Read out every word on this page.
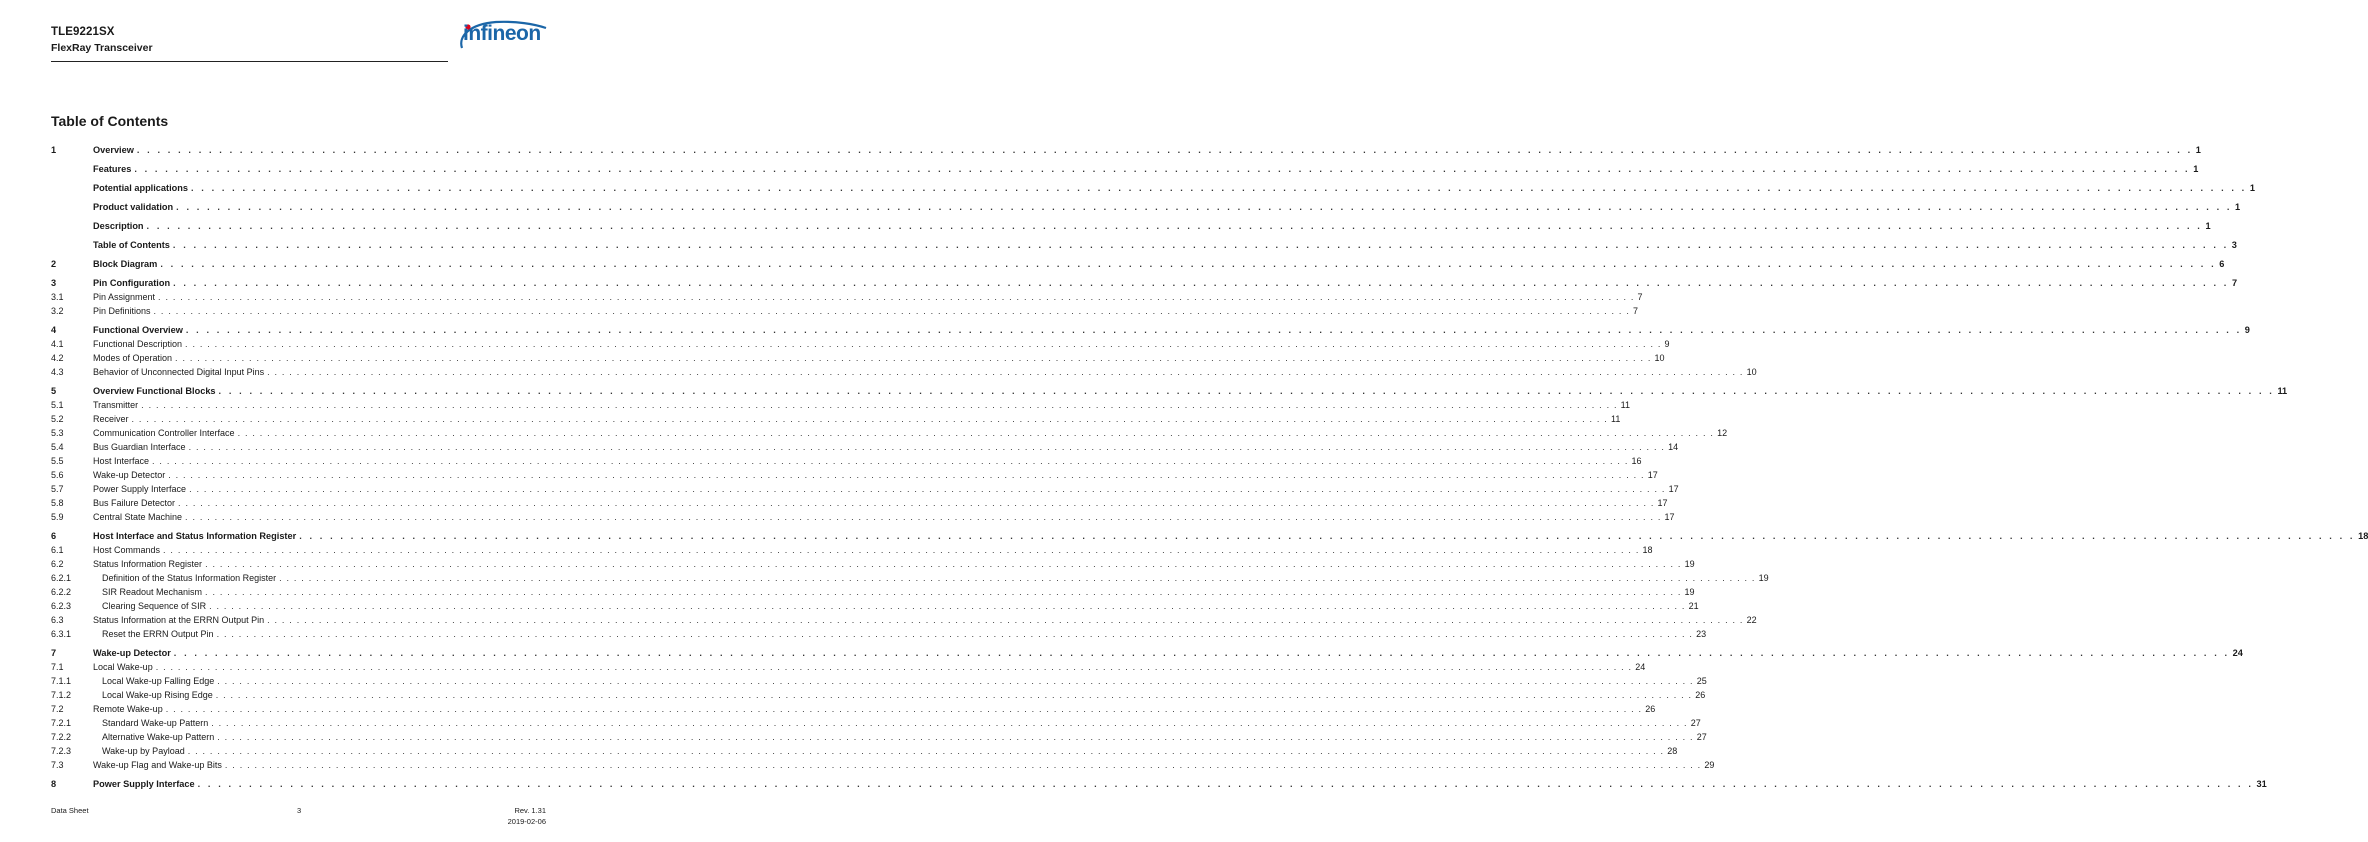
TLE9221SX
FlexRay Transceiver
infineon
Table of Contents
1	Overview . . . . . . . . . . . . . . . . . . . . . . . . . . . . . . . . . . . . . . . . . . . . . . . . . . . . . . . . . . . . . . . . . . . . . . . . . . . . . . . . . . . . . . . . . . . . . . . . . . . . . . . . . . . . . . . . . . . . . . . . . . . . . . . . . . . . . . . . . . . . . . . . . . . . . . . . . . . . . . . . . . . . . . . . . . . . . . . . . . . . . . . . . . . . . . . . . . . . . . . . 1
Features . . . . . . . . . . . . . . . . . . . . . . . . . . . . . . . . . . . . . . . . . . . . . . . . . . . . . . . . . . . . . . . . . . . . . . . . . . . . . . . . . . . . . . . . . . . . . . . . . . . . . . . . . . . . . . . . . . . . . . . . . . . . . . . . . . . . . . . . . . . . . . . . . . . . . . . . . . . . . . . . . . . . . . . . . . . . . . . . . . . . . . . . . . . . . . . . . . . . . . . . 1
Potential applications . . . . . . . . . . . . . . . . . . . . . . . . . . . . . . . . . . . . . . . . . . . . . . . . . . . . . . . . . . . . . . . . . . . . . . . . . . . . . . . . . . . . . . . . . . . . . . . . . . . . . . . . . . . . . . . . . . . . . . . . . . . . . . . . . . . . . . . . . . . . . . . . . . . . . . . . . . . . . . . . . . . . . . . . . . . . . . . . . . . . . . . . . . . . . . . . . . . . . . . . 1
Product validation . . . . . . . . . . . . . . . . . . . . . . . . . . . . . . . . . . . . . . . . . . . . . . . . . . . . . . . . . . . . . . . . . . . . . . . . . . . . . . . . . . . . . . . . . . . . . . . . . . . . . . . . . . . . . . . . . . . . . . . . . . . . . . . . . . . . . . . . . . . . . . . . . . . . . . . . . . . . . . . . . . . . . . . . . . . . . . . . . . . . . . . . . . . . . . . . . . . . . . . . 1
Description . . . . . . . . . . . . . . . . . . . . . . . . . . . . . . . . . . . . . . . . . . . . . . . . . . . . . . . . . . . . . . . . . . . . . . . . . . . . . . . . . . . . . . . . . . . . . . . . . . . . . . . . . . . . . . . . . . . . . . . . . . . . . . . . . . . . . . . . . . . . . . . . . . . . . . . . . . . . . . . . . . . . . . . . . . . . . . . . . . . . . . . . . . . . . . . . . . . . . . . . 1
Table of Contents . . . . . . . . . . . . . . . . . . . . . . . . . . . . . . . . . . . . . . . . . . . . . . . . . . . . . . . . . . . . . . . . . . . . . . . . . . . . . . . . . . . . . . . . . . . . . . . . . . . . . . . . . . . . . . . . . . . . . . . . . . . . . . . . . . . . . . . . . . . . . . . . . . . . . . . . . . . . . . . . . . . . . . . . . . . . . . . . . . . . . . . . . . . . . . . . . . . . . . . . 3
2	Block Diagram . . . . . . . . . . . . . . . . . . . . . . . . . . . . . . . . . . . . . . . . . . . . . . . . . . . . . . . . . . . . . . . . . . . . . . . . . . . . . . . . . . . . . . . . . . . . . . . . . . . . . . . . . . . . . . . . . . . . . . . . . . . . . . . . . . . . . . . . . . . . . . . . . . . . . . . . . . . . . . . . . . . . . . . . . . . . . . . . . . . . . . . . . . . . . . . . . . . . . . . . 6
3	Pin Configuration . . . . . . . . . . . . . . . . . . . . . . . . . . . . . . . . . . . . . . . . . . . . . . . . . . . . . . . . . . . . . . . . . . . . . . . . . . . . . . . . . . . . . . . . . . . . . . . . . . . . . . . . . . . . . . . . . . . . . . . . . . . . . . . . . . . . . . . . . . . . . . . . . . . . . . . . . . . . . . . . . . . . . . . . . . . . . . . . . . . . . . . . . . . . . . . . . . . . . . . . 7
3.1	Pin Assignment . . . . . . . . . . . . . . . . . . . . . . . . . . . . . . . . . . . . . . . . . . . . . . . . . . . . . . . . . . . . . . . . . . . . . . . . . . . . . . . . . . . . . . . . . . . . . . . . . . . . . . . . . . . . . . . . . . . . . . . . . . . . . . . . . . . . . . . . . . . . . . . . . . . . . . . . . . . . . . . . . . . . . . . . . . . . . . . . . . . . . . . . . . . . . . . . . . . . . . . . 7
3.2	Pin Definitions . . . . . . . . . . . . . . . . . . . . . . . . . . . . . . . . . . . . . . . . . . . . . . . . . . . . . . . . . . . . . . . . . . . . . . . . . . . . . . . . . . . . . . . . . . . . . . . . . . . . . . . . . . . . . . . . . . . . . . . . . . . . . . . . . . . . . . . . . . . . . . . . . . . . . . . . . . . . . . . . . . . . . . . . . . . . . . . . . . . . . . . . . . . . . . . . . . . . . . . . 7
4	Functional Overview . . . . . . . . . . . . . . . . . . . . . . . . . . . . . . . . . . . . . . . . . . . . . . . . . . . . . . . . . . . . . . . . . . . . . . . . . . . . . . . . . . . . . . . . . . . . . . . . . . . . . . . . . . . . . . . . . . . . . . . . . . . . . . . . . . . . . . . . . . . . . . . . . . . . . . . . . . . . . . . . . . . . . . . . . . . . . . . . . . . . . . . . . . . . . . . . . . . . . . . . 9
4.1	Functional Description . . . . . . . . . . . . . . . . . . . . . . . . . . . . . . . . . . . . . . . . . . . . . . . . . . . . . . . . . . . . . . . . . . . . . . . . . . . . . . . . . . . . . . . . . . . . . . . . . . . . . . . . . . . . . . . . . . . . . . . . . . . . . . . . . . . . . . . . . . . . . . . . . . . . . . . . . . . . . . . . . . . . . . . . . . . . . . . . . . . . . . . . . . . . . . . . . . . . . . . . 9
4.2	Modes of Operation . . . . . . . . . . . . . . . . . . . . . . . . . . . . . . . . . . . . . . . . . . . . . . . . . . . . . . . . . . . . . . . . . . . . . . . . . . . . . . . . . . . . . . . . . . . . . . . . . . . . . . . . . . . . . . . . . . . . . . . . . . . . . . . . . . . . . . . . . . . . . . . . . . . . . . . . . . . . . . . . . . . . . . . . . . . . . . . . . . . . . . . . . . . . . . . . . . . . . . . . 10
4.3	Behavior of Unconnected Digital Input Pins . . . . . . . . . . . . . . . . . . . . . . . . . . . . . . . . . . . . . . . . . . . . . . . . . . . . . . . . . . . . . . . . . . . . . . . . . . . . . . . . . . . . . . . . . . . . . . . . . . . . . . . . . . . . . . . . . . . . . . . . . . . . . . . . . . . . . . . . . . . . . . . . . . . . . . . . . . . . . . . . . . . . . . . . . . . . . . . . . . . . . . . . . . . . . . . . . . . . . . . . 10
5	Overview Functional Blocks . . . . . . . . . . . . . . . . . . . . . . . . . . . . . . . . . . . . . . . . . . . . . . . . . . . . . . . . . . . . . . . . . . . . . . . . . . . . . . . . . . . . . . . . . . . . . . . . . . . . . . . . . . . . . . . . . . . . . . . . . . . . . . . . . . . . . . . . . . . . . . . . . . . . . . . . . . . . . . . . . . . . . . . . . . . . . . . . . . . . . . . . . . . . . . . . . . . . . . . . 11
5.1	Transmitter . . . . . . . . . . . . . . . . . . . . . . . . . . . . . . . . . . . . . . . . . . . . . . . . . . . . . . . . . . . . . . . . . . . . . . . . . . . . . . . . . . . . . . . . . . . . . . . . . . . . . . . . . . . . . . . . . . . . . . . . . . . . . . . . . . . . . . . . . . . . . . . . . . . . . . . . . . . . . . . . . . . . . . . . . . . . . . . . . . . . . . . . . . . . . . . . . . . . . . . . 11
5.2	Receiver . . . . . . . . . . . . . . . . . . . . . . . . . . . . . . . . . . . . . . . . . . . . . . . . . . . . . . . . . . . . . . . . . . . . . . . . . . . . . . . . . . . . . . . . . . . . . . . . . . . . . . . . . . . . . . . . . . . . . . . . . . . . . . . . . . . . . . . . . . . . . . . . . . . . . . . . . . . . . . . . . . . . . . . . . . . . . . . . . . . . . . . . . . . . . . . . . . . . . . . . 11
5.3	Communication Controller Interface . . . . . . . . . . . . . . . . . . . . . . . . . . . . . . . . . . . . . . . . . . . . . . . . . . . . . . . . . . . . . . . . . . . . . . . . . . . . . . . . . . . . . . . . . . . . . . . . . . . . . . . . . . . . . . . . . . . . . . . . . . . . . . . . . . . . . . . . . . . . . . . . . . . . . . . . . . . . . . . . . . . . . . . . . . . . . . . . . . . . . . . . . . . . . . . . . . . . . . . . 12
5.4	Bus Guardian Interface . . . . . . . . . . . . . . . . . . . . . . . . . . . . . . . . . . . . . . . . . . . . . . . . . . . . . . . . . . . . . . . . . . . . . . . . . . . . . . . . . . . . . . . . . . . . . . . . . . . . . . . . . . . . . . . . . . . . . . . . . . . . . . . . . . . . . . . . . . . . . . . . . . . . . . . . . . . . . . . . . . . . . . . . . . . . . . . . . . . . . . . . . . . . . . . . . . . . . . . . 14
5.5	Host Interface . . . . . . . . . . . . . . . . . . . . . . . . . . . . . . . . . . . . . . . . . . . . . . . . . . . . . . . . . . . . . . . . . . . . . . . . . . . . . . . . . . . . . . . . . . . . . . . . . . . . . . . . . . . . . . . . . . . . . . . . . . . . . . . . . . . . . . . . . . . . . . . . . . . . . . . . . . . . . . . . . . . . . . . . . . . . . . . . . . . . . . . . . . . . . . . . . . . . . . . . 16
5.6	Wake-up Detector . . . . . . . . . . . . . . . . . . . . . . . . . . . . . . . . . . . . . . . . . . . . . . . . . . . . . . . . . . . . . . . . . . . . . . . . . . . . . . . . . . . . . . . . . . . . . . . . . . . . . . . . . . . . . . . . . . . . . . . . . . . . . . . . . . . . . . . . . . . . . . . . . . . . . . . . . . . . . . . . . . . . . . . . . . . . . . . . . . . . . . . . . . . . . . . . . . . . . . . . 17
5.7	Power Supply Interface . . . . . . . . . . . . . . . . . . . . . . . . . . . . . . . . . . . . . . . . . . . . . . . . . . . . . . . . . . . . . . . . . . . . . . . . . . . . . . . . . . . . . . . . . . . . . . . . . . . . . . . . . . . . . . . . . . . . . . . . . . . . . . . . . . . . . . . . . . . . . . . . . . . . . . . . . . . . . . . . . . . . . . . . . . . . . . . . . . . . . . . . . . . . . . . . . . . . . . . . 17
5.8	Bus Failure Detector . . . . . . . . . . . . . . . . . . . . . . . . . . . . . . . . . . . . . . . . . . . . . . . . . . . . . . . . . . . . . . . . . . . . . . . . . . . . . . . . . . . . . . . . . . . . . . . . . . . . . . . . . . . . . . . . . . . . . . . . . . . . . . . . . . . . . . . . . . . . . . . . . . . . . . . . . . . . . . . . . . . . . . . . . . . . . . . . . . . . . . . . . . . . . . . . . . . . . . . . 17
5.9	Central State Machine . . . . . . . . . . . . . . . . . . . . . . . . . . . . . . . . . . . . . . . . . . . . . . . . . . . . . . . . . . . . . . . . . . . . . . . . . . . . . . . . . . . . . . . . . . . . . . . . . . . . . . . . . . . . . . . . . . . . . . . . . . . . . . . . . . . . . . . . . . . . . . . . . . . . . . . . . . . . . . . . . . . . . . . . . . . . . . . . . . . . . . . . . . . . . . . . . . . . . . . . 17
6	Host Interface and Status Information Register . . . . . . . . . . . . . . . . . . . . . . . . . . . . . . . . . . . . . . . . . . . . . . . . . . . . . . . . . . . . . . . . . . . . . . . . . . . . . . . . . . . . . . . . . . . . . . . . . . . . . . . . . . . . . . . . . . . . . . . . . . . . . . . . . . . . . . . . . . . . . . . . . . . . . . . . . . . . . . . . . . . . . . . . . . . . . . . . . . . . . . . . . . . . . . . . . . . . . . . . 18
6.1	Host Commands . . . . . . . . . . . . . . . . . . . . . . . . . . . . . . . . . . . . . . . . . . . . . . . . . . . . . . . . . . . . . . . . . . . . . . . . . . . . . . . . . . . . . . . . . . . . . . . . . . . . . . . . . . . . . . . . . . . . . . . . . . . . . . . . . . . . . . . . . . . . . . . . . . . . . . . . . . . . . . . . . . . . . . . . . . . . . . . . . . . . . . . . . . . . . . . . . . . . . . . . 18
6.2	Status Information Register . . . . . . . . . . . . . . . . . . . . . . . . . . . . . . . . . . . . . . . . . . . . . . . . . . . . . . . . . . . . . . . . . . . . . . . . . . . . . . . . . . . . . . . . . . . . . . . . . . . . . . . . . . . . . . . . . . . . . . . . . . . . . . . . . . . . . . . . . . . . . . . . . . . . . . . . . . . . . . . . . . . . . . . . . . . . . . . . . . . . . . . . . . . . . . . . . . . . . . . . 19
6.2.1	Definition of the Status Information Register . . . . . . . . . . . . . . . . . . . . . . . . . . . . . . . . . . . . . . . . . . . . . . . . . . . . . . . . . . . . . . . . . . . . . . . . . . . . . . . . . . . . . . . . . . . . . . . . . . . . . . . . . . . . . . . . . . . . . . . . . . . . . . . . . . . . . . . . . . . . . . . . . . . . . . . . . . . . . . . . . . . . . . . . . . . . . . . . . . . . . . . . . . . . . . . . . . . . . . . . 19
6.2.2	SIR Readout Mechanism . . . . . . . . . . . . . . . . . . . . . . . . . . . . . . . . . . . . . . . . . . . . . . . . . . . . . . . . . . . . . . . . . . . . . . . . . . . . . . . . . . . . . . . . . . . . . . . . . . . . . . . . . . . . . . . . . . . . . . . . . . . . . . . . . . . . . . . . . . . . . . . . . . . . . . . . . . . . . . . . . . . . . . . . . . . . . . . . . . . . . . . . . . . . . . . . . . . . . . . . 19
6.2.3	Clearing Sequence of SIR . . . . . . . . . . . . . . . . . . . . . . . . . . . . . . . . . . . . . . . . . . . . . . . . . . . . . . . . . . . . . . . . . . . . . . . . . . . . . . . . . . . . . . . . . . . . . . . . . . . . . . . . . . . . . . . . . . . . . . . . . . . . . . . . . . . . . . . . . . . . . . . . . . . . . . . . . . . . . . . . . . . . . . . . . . . . . . . . . . . . . . . . . . . . . . . . . . . . . . . . 21
6.3	Status Information at the ERRN Output Pin . . . . . . . . . . . . . . . . . . . . . . . . . . . . . . . . . . . . . . . . . . . . . . . . . . . . . . . . . . . . . . . . . . . . . . . . . . . . . . . . . . . . . . . . . . . . . . . . . . . . . . . . . . . . . . . . . . . . . . . . . . . . . . . . . . . . . . . . . . . . . . . . . . . . . . . . . . . . . . . . . . . . . . . . . . . . . . . . . . . . . . . . . . . . . . . . . . . . . . . . 22
6.3.1	Reset the ERRN Output Pin . . . . . . . . . . . . . . . . . . . . . . . . . . . . . . . . . . . . . . . . . . . . . . . . . . . . . . . . . . . . . . . . . . . . . . . . . . . . . . . . . . . . . . . . . . . . . . . . . . . . . . . . . . . . . . . . . . . . . . . . . . . . . . . . . . . . . . . . . . . . . . . . . . . . . . . . . . . . . . . . . . . . . . . . . . . . . . . . . . . . . . . . . . . . . . . . . . . . . . . . 23
7	Wake-up Detector . . . . . . . . . . . . . . . . . . . . . . . . . . . . . . . . . . . . . . . . . . . . . . . . . . . . . . . . . . . . . . . . . . . . . . . . . . . . . . . . . . . . . . . . . . . . . . . . . . . . . . . . . . . . . . . . . . . . . . . . . . . . . . . . . . . . . . . . . . . . . . . . . . . . . . . . . . . . . . . . . . . . . . . . . . . . . . . . . . . . . . . . . . . . . . . . . . . . . . . . 24
7.1	Local Wake-up . . . . . . . . . . . . . . . . . . . . . . . . . . . . . . . . . . . . . . . . . . . . . . . . . . . . . . . . . . . . . . . . . . . . . . . . . . . . . . . . . . . . . . . . . . . . . . . . . . . . . . . . . . . . . . . . . . . . . . . . . . . . . . . . . . . . . . . . . . . . . . . . . . . . . . . . . . . . . . . . . . . . . . . . . . . . . . . . . . . . . . . . . . . . . . . . . . . . . . . . 24
7.1.1	Local Wake-up Falling Edge . . . . . . . . . . . . . . . . . . . . . . . . . . . . . . . . . . . . . . . . . . . . . . . . . . . . . . . . . . . . . . . . . . . . . . . . . . . . . . . . . . . . . . . . . . . . . . . . . . . . . . . . . . . . . . . . . . . . . . . . . . . . . . . . . . . . . . . . . . . . . . . . . . . . . . . . . . . . . . . . . . . . . . . . . . . . . . . . . . . . . . . . . . . . . . . . . . . . . . . . 25
7.1.2	Local Wake-up Rising Edge . . . . . . . . . . . . . . . . . . . . . . . . . . . . . . . . . . . . . . . . . . . . . . . . . . . . . . . . . . . . . . . . . . . . . . . . . . . . . . . . . . . . . . . . . . . . . . . . . . . . . . . . . . . . . . . . . . . . . . . . . . . . . . . . . . . . . . . . . . . . . . . . . . . . . . . . . . . . . . . . . . . . . . . . . . . . . . . . . . . . . . . . . . . . . . . . . . . . . . . . 26
7.2	Remote Wake-up . . . . . . . . . . . . . . . . . . . . . . . . . . . . . . . . . . . . . . . . . . . . . . . . . . . . . . . . . . . . . . . . . . . . . . . . . . . . . . . . . . . . . . . . . . . . . . . . . . . . . . . . . . . . . . . . . . . . . . . . . . . . . . . . . . . . . . . . . . . . . . . . . . . . . . . . . . . . . . . . . . . . . . . . . . . . . . . . . . . . . . . . . . . . . . . . . . . . . . . . 26
7.2.1	Standard Wake-up Pattern . . . . . . . . . . . . . . . . . . . . . . . . . . . . . . . . . . . . . . . . . . . . . . . . . . . . . . . . . . . . . . . . . . . . . . . . . . . . . . . . . . . . . . . . . . . . . . . . . . . . . . . . . . . . . . . . . . . . . . . . . . . . . . . . . . . . . . . . . . . . . . . . . . . . . . . . . . . . . . . . . . . . . . . . . . . . . . . . . . . . . . . . . . . . . . . . . . . . . . . . 27
7.2.2	Alternative Wake-up Pattern . . . . . . . . . . . . . . . . . . . . . . . . . . . . . . . . . . . . . . . . . . . . . . . . . . . . . . . . . . . . . . . . . . . . . . . . . . . . . . . . . . . . . . . . . . . . . . . . . . . . . . . . . . . . . . . . . . . . . . . . . . . . . . . . . . . . . . . . . . . . . . . . . . . . . . . . . . . . . . . . . . . . . . . . . . . . . . . . . . . . . . . . . . . . . . . . . . . . . . . . 27
7.2.3	Wake-up by Payload . . . . . . . . . . . . . . . . . . . . . . . . . . . . . . . . . . . . . . . . . . . . . . . . . . . . . . . . . . . . . . . . . . . . . . . . . . . . . . . . . . . . . . . . . . . . . . . . . . . . . . . . . . . . . . . . . . . . . . . . . . . . . . . . . . . . . . . . . . . . . . . . . . . . . . . . . . . . . . . . . . . . . . . . . . . . . . . . . . . . . . . . . . . . . . . . . . . . . . . . 28
7.3	Wake-up Flag and Wake-up Bits . . . . . . . . . . . . . . . . . . . . . . . . . . . . . . . . . . . . . . . . . . . . . . . . . . . . . . . . . . . . . . . . . . . . . . . . . . . . . . . . . . . . . . . . . . . . . . . . . . . . . . . . . . . . . . . . . . . . . . . . . . . . . . . . . . . . . . . . . . . . . . . . . . . . . . . . . . . . . . . . . . . . . . . . . . . . . . . . . . . . . . . . . . . . . . . . . . . . . . . . 29
8	Power Supply Interface . . . . . . . . . . . . . . . . . . . . . . . . . . . . . . . . . . . . . . . . . . . . . . . . . . . . . . . . . . . . . . . . . . . . . . . . . . . . . . . . . . . . . . . . . . . . . . . . . . . . . . . . . . . . . . . . . . . . . . . . . . . . . . . . . . . . . . . . . . . . . . . . . . . . . . . . . . . . . . . . . . . . . . . . . . . . . . . . . . . . . . . . . . . . . . . . . . . . . . . . 31
Data Sheet	3	Rev. 1.31
2019-02-06
